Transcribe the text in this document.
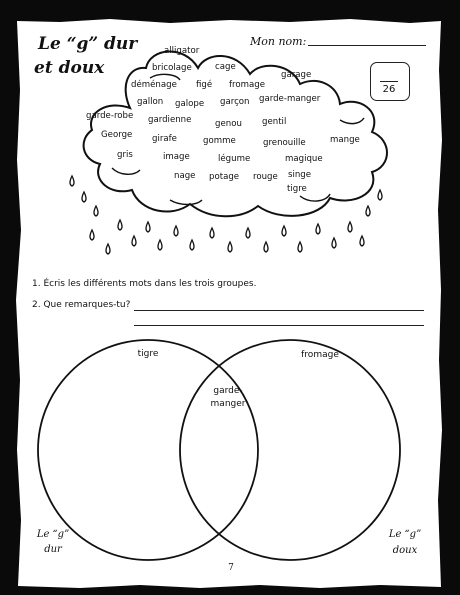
Le “g” dur
et doux
Mon nom:
26
alligator
bricolage	cage
garage
déménage figé fromage
gallon galope garçon garde-manger
garde-robe gardienne	genou gentil
George girafe	gomme	grenouille	mange
gris	image	légume	magique
nage potage rouge singe
tigre
1. Écris les différents mots dans les trois groupes.
2. Que remarques-tu?
tigre	fromage
garde-
manger
Le “g”
dur
Le “g”
doux
7
